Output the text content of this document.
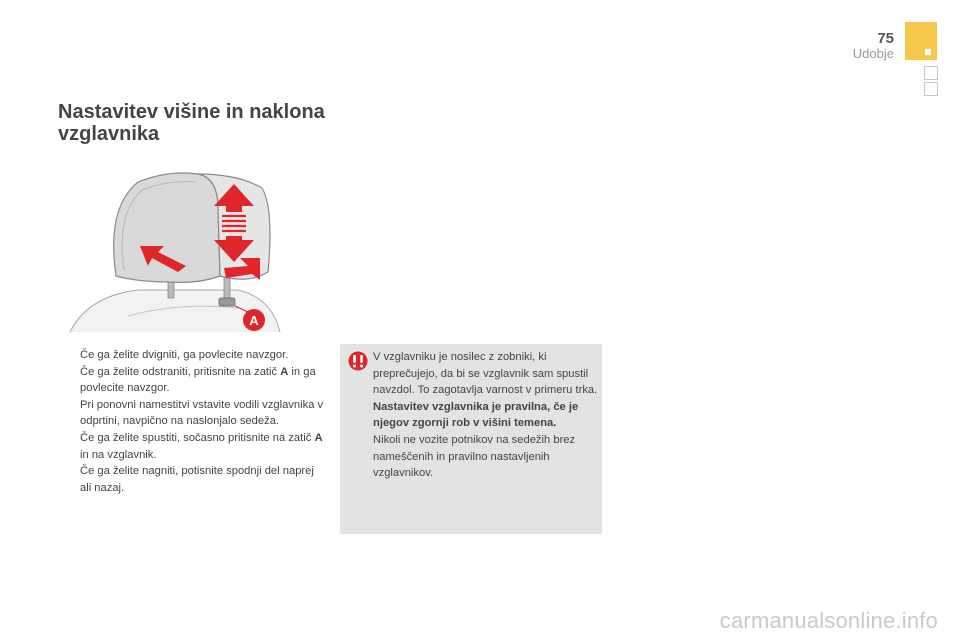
75
Udobje
Nastavitev višine in naklona vzglavnika
A
Če ga želite dvigniti, ga povlecite navzgor.
Če ga želite odstraniti, pritisnite na zatič A in ga povlecite navzgor.
Pri ponovni namestitvi vstavite vodili vzglavnika v odprtini, navpično na naslonjalo sedeža.
Če ga želite spustiti, sočasno pritisnite na zatič A in na vzglavnik.
Če ga želite nagniti, potisnite spodnji del naprej ali nazaj.

V vzglavniku je nosilec z zobniki, ki preprečujejo, da bi se vzglavnik sam spustil navzdol. To zagotavlja varnost v primeru trka.

Nastavitev vzglavnika je pravilna, če je njegov zgornji rob v višini temena.

Nikoli ne vozite potnikov na sedežih brez nameščenih in pravilno nastavljenih vzglavnikov.

carmanualsonline.info
